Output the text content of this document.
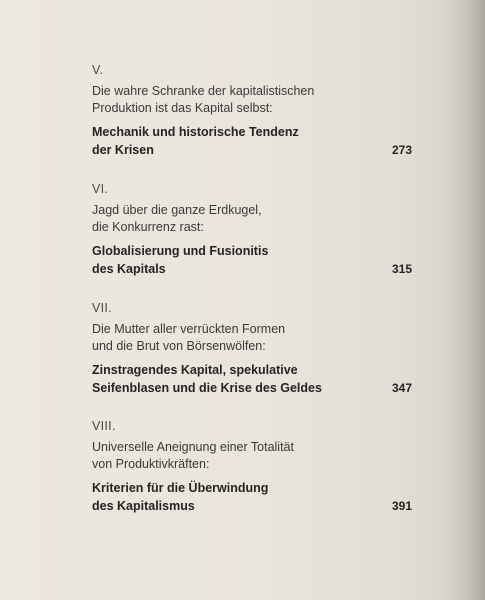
V.
Die wahre Schranke der kapitalistischen
Produktion ist das Kapital selbst:
Mechanik und historische Tendenz
der Krisen	273
VI.
Jagd über die ganze Erdkugel,
die Konkurrenz rast:
Globalisierung und Fusionitis
des Kapitals	315
VII.
Die Mutter aller verrückten Formen
und die Brut von Börsenwölfen:
Zinstragendes Kapital, spekulative
Seifenblasen und die Krise des Geldes	347
VIII.
Universelle Aneignung einer Totalität
von Produktivkräften:
Kriterien für die Überwindung
des Kapitalismus	391
